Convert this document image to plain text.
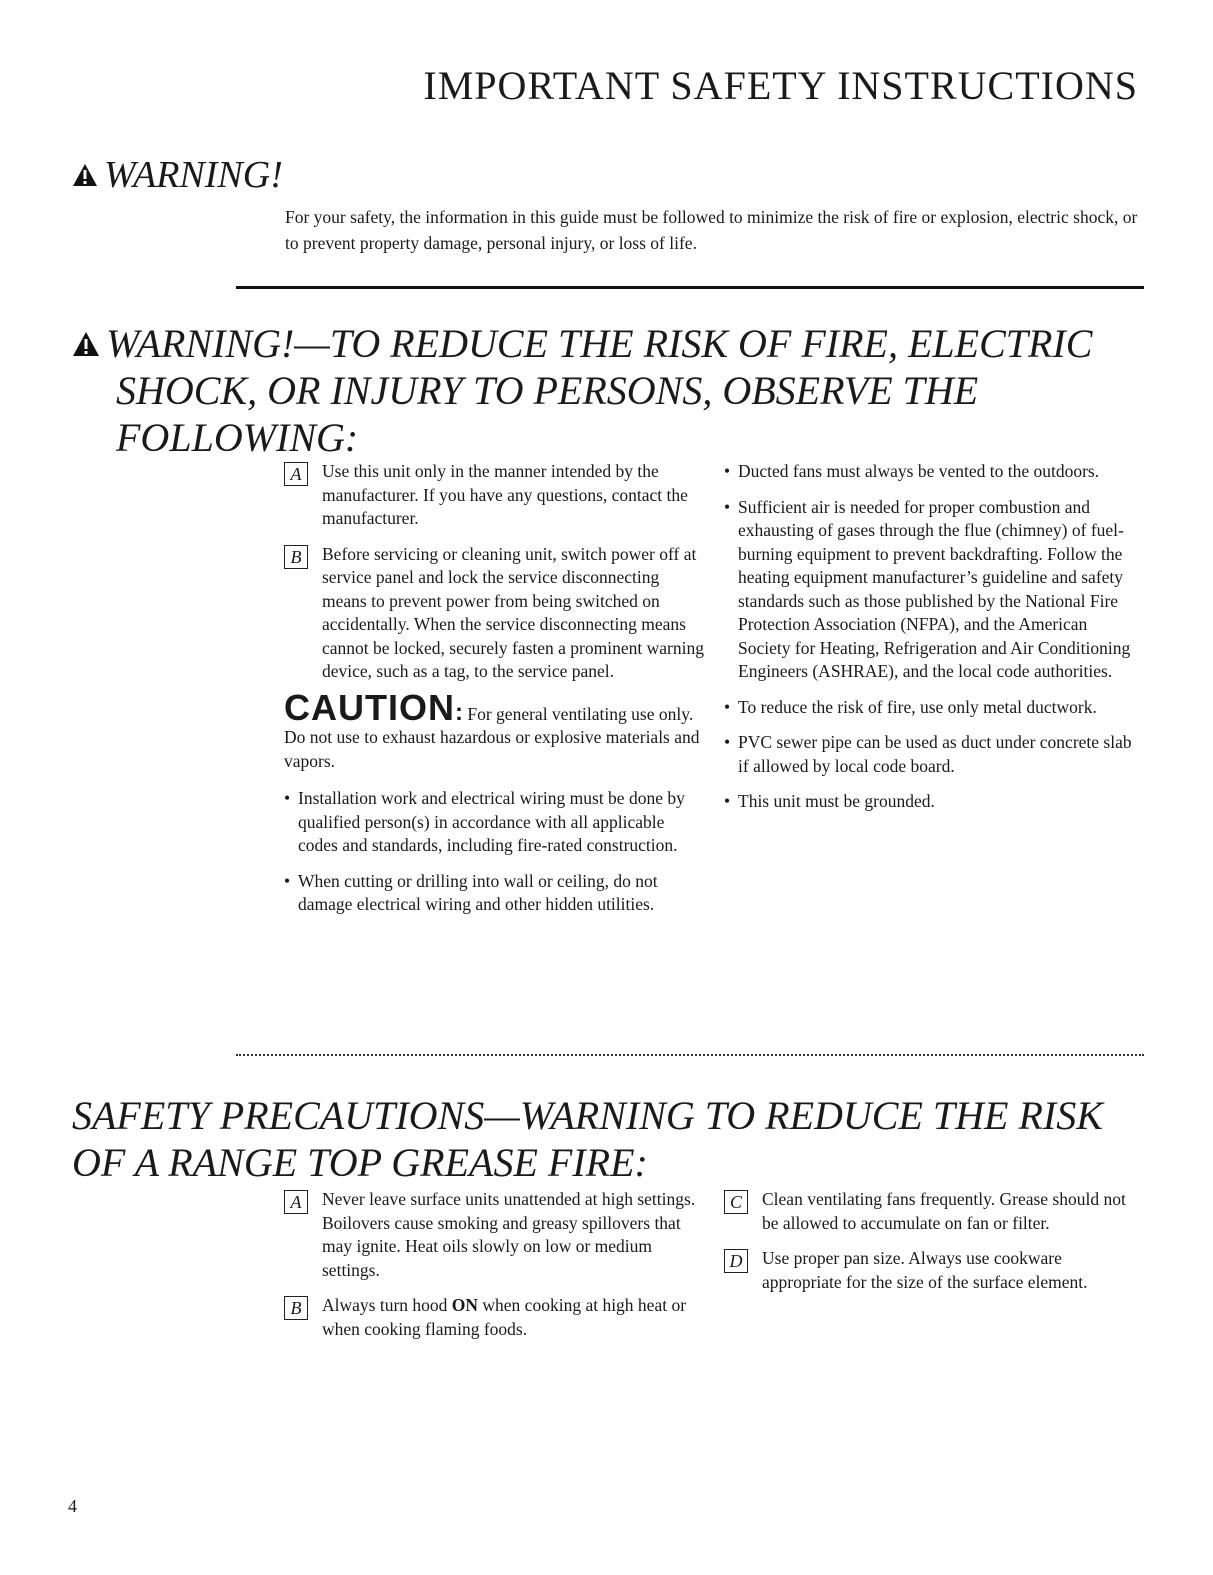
IMPORTANT SAFETY INSTRUCTIONS
WARNING!

For your safety, the information in this guide must be followed to minimize the risk of fire or explosion, electric shock, or to prevent property damage, personal injury, or loss of life.

WARNING!—TO REDUCE THE RISK OF FIRE, ELECTRIC
SHOCK, OR INJURY TO PERSONS, OBSERVE THE
FOLLOWING:
A	Use this unit only in the manner intended by the manufacturer. If you have any questions, contact the manufacturer.
B	Before servicing or cleaning unit, switch power off at service panel and lock the service disconnecting means to prevent power from being switched on accidentally. When the service disconnecting means cannot be locked, securely fasten a prominent warning device, such as a tag, to the service panel.
CAUTION: For general ventilating use only. Do not use to exhaust hazardous or explosive materials and vapors.
• Installation work and electrical wiring must be done by qualified person(s) in accordance with all applicable codes and standards, including fire-rated construction.
• When cutting or drilling into wall or ceiling, do not damage electrical wiring and other hidden utilities.
• Ducted fans must always be vented to the outdoors.
• Sufficient air is needed for proper combustion and exhausting of gases through the flue (chimney) of fuel-burning equipment to prevent backdrafting. Follow the heating equipment manufacturer’s guideline and safety standards such as those published by the National Fire Protection Association (NFPA), and the American Society for Heating, Refrigeration and Air Conditioning Engineers (ASHRAE), and the local code authorities.
• To reduce the risk of fire, use only metal ductwork.
• PVC sewer pipe can be used as duct under concrete slab if allowed by local code board.
• This unit must be grounded.
SAFETY PRECAUTIONS—WARNING TO REDUCE THE RISK
OF A RANGE TOP GREASE FIRE:
A	Never leave surface units unattended at high settings. Boilovers cause smoking and greasy spillovers that may ignite. Heat oils slowly on low or medium settings.
B	Always turn hood ON when cooking at high heat or when cooking flaming foods.
C	Clean ventilating fans frequently. Grease should not be allowed to accumulate on fan or filter.
D	Use proper pan size. Always use cookware appropriate for the size of the surface element.
4
